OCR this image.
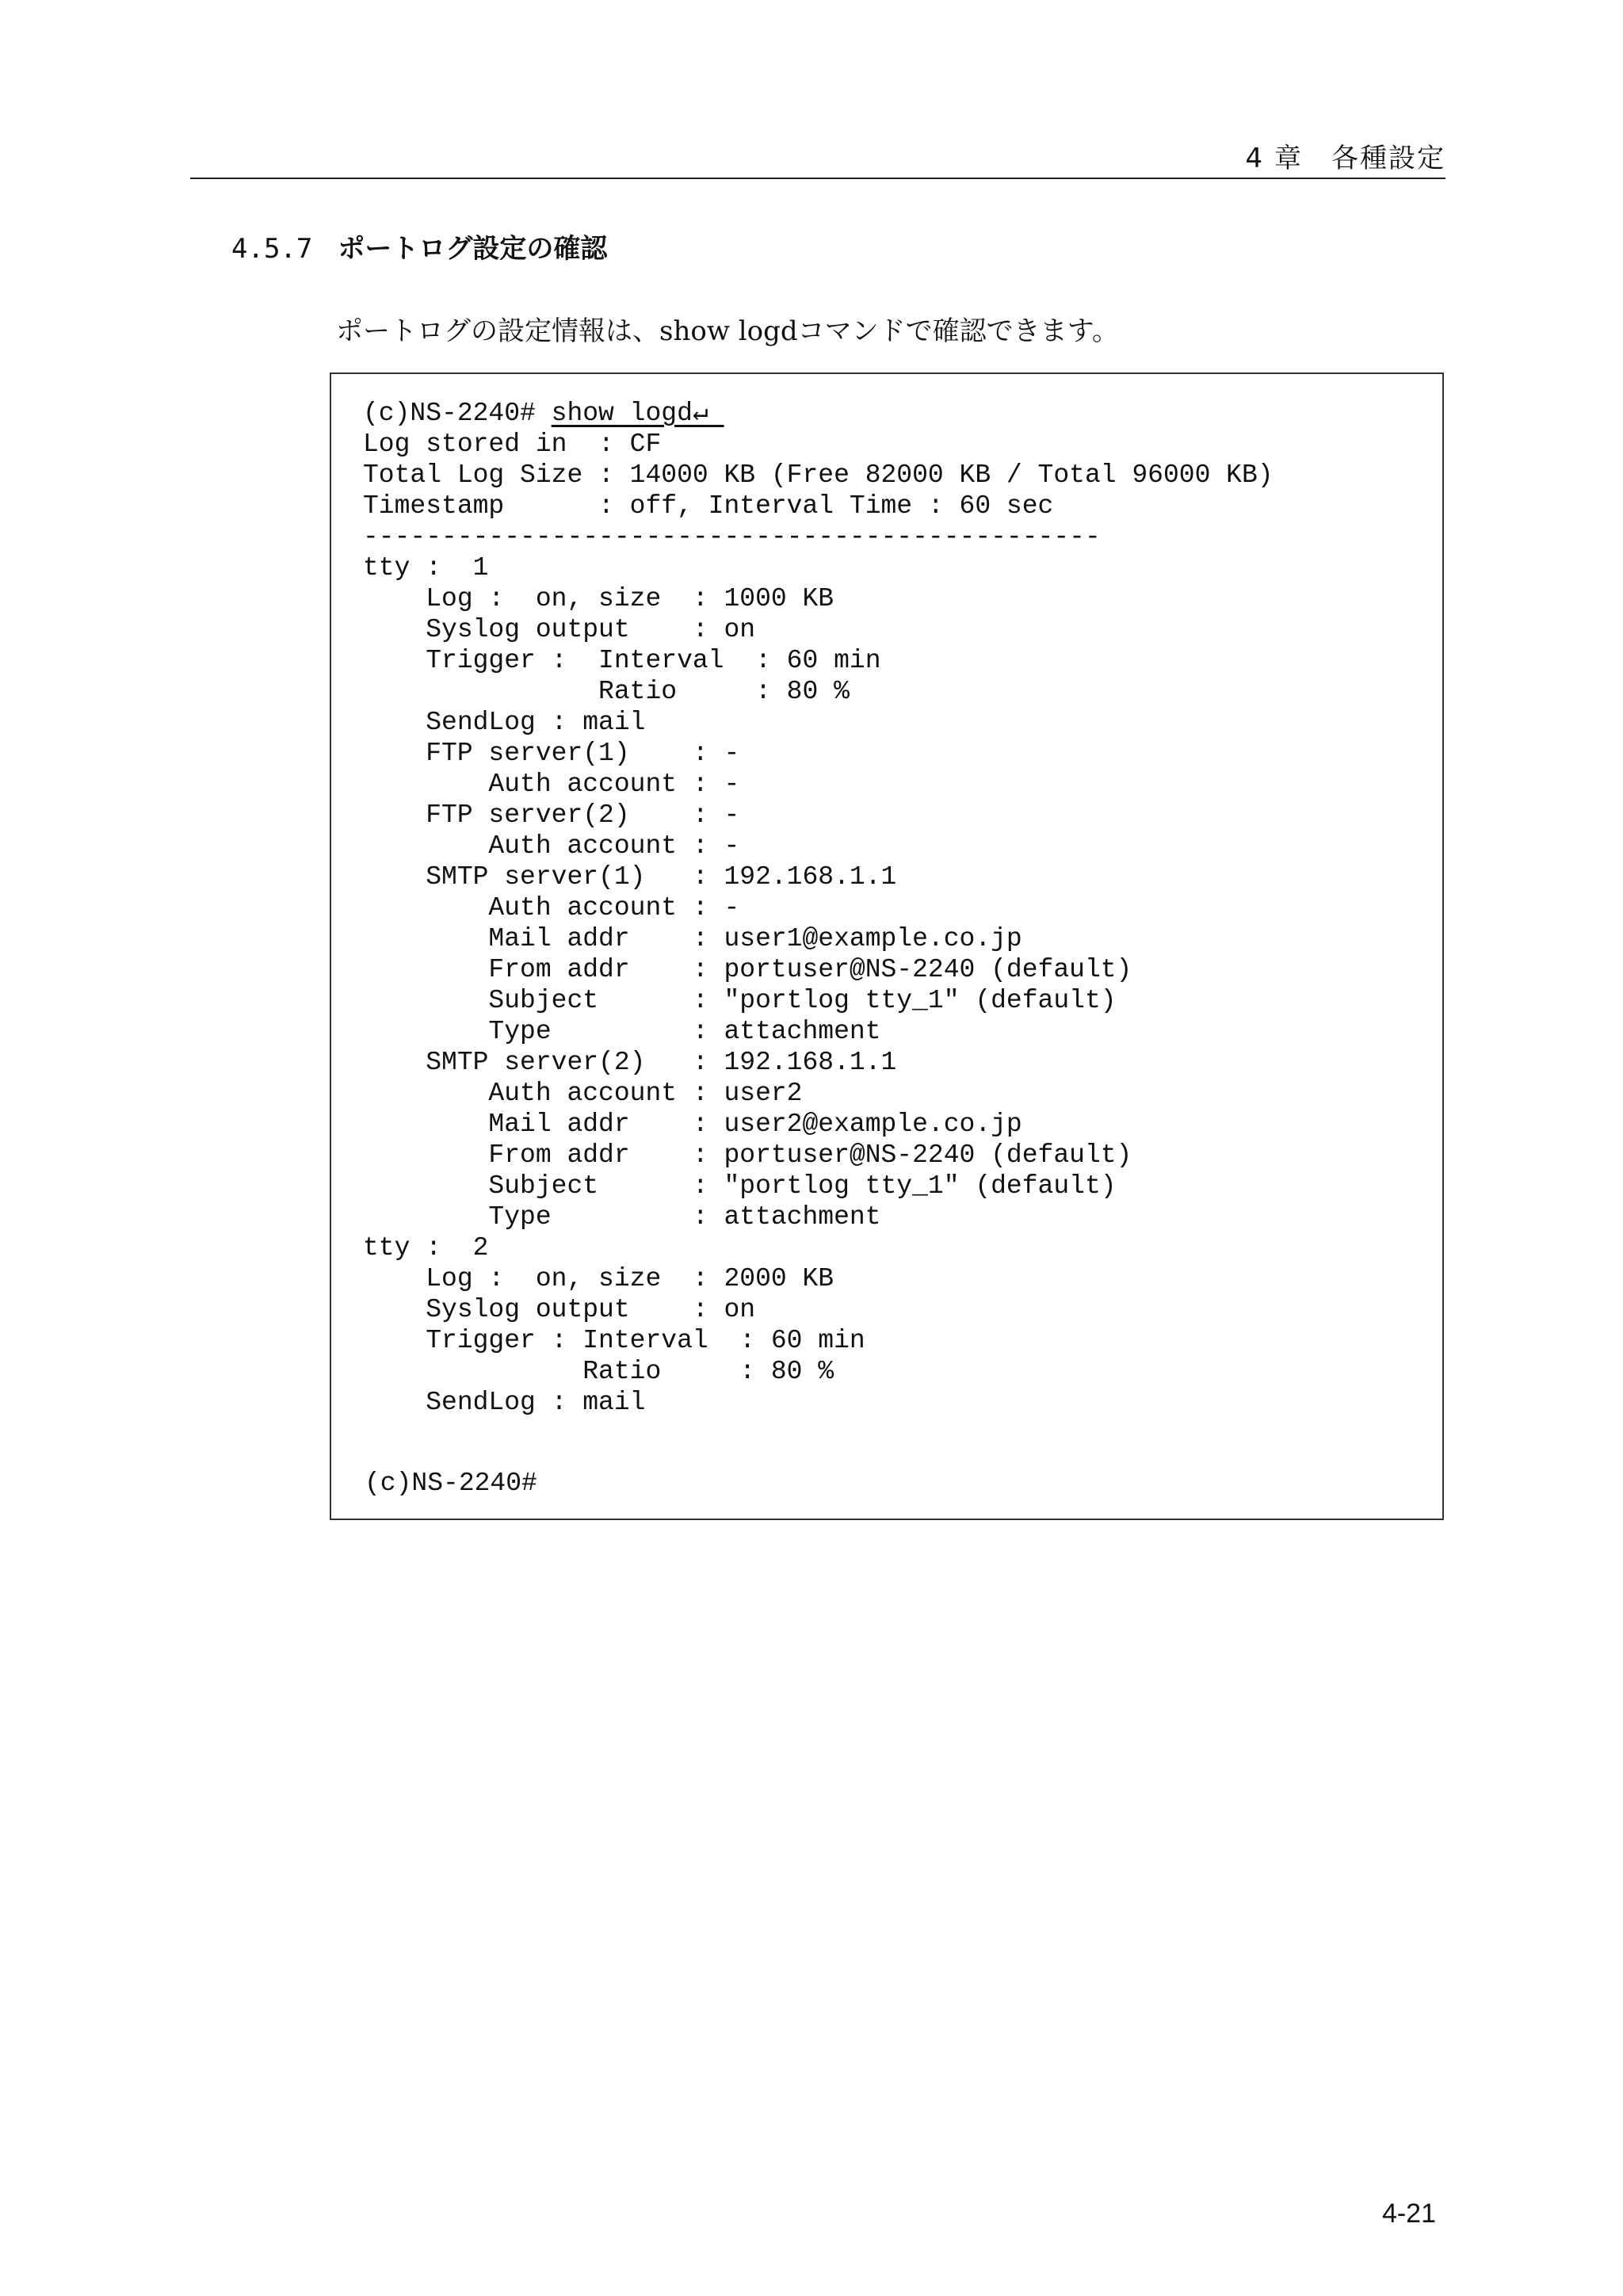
4 章　各種設定
4.5.7 ポートログ設定の確認
ポートログの設定情報は、show logdコマンドで確認できます。
(c)NS-2240# show logd↵
Log stored in  : CF
Total Log Size : 14000 KB (Free 82000 KB / Total 96000 KB)
Timestamp      : off, Interval Time : 60 sec
-----------------------------------------------
tty :  1
Log :  on, size  : 1000 KB
Syslog output    : on
Trigger :  Interval  : 60 min
Ratio     : 80 %
SendLog : mail
FTP server(1)    : -
Auth account : -
FTP server(2)    : -
Auth account : -
SMTP server(1)   : 192.168.1.1
Auth account : -
Mail addr    : user1@example.co.jp
From addr    : portuser@NS-2240 (default)
Subject      : "portlog tty_1" (default)
Type         : attachment
SMTP server(2)   : 192.168.1.1
Auth account : user2
Mail addr    : user2@example.co.jp
From addr    : portuser@NS-2240 (default)
Subject      : "portlog tty_1" (default)
Type         : attachment
tty :  2
Log :  on, size  : 2000 KB
Syslog output    : on
Trigger : Interval  : 60 min
Ratio     : 80 %
SendLog : mail

(c)NS-2240#
4-21
